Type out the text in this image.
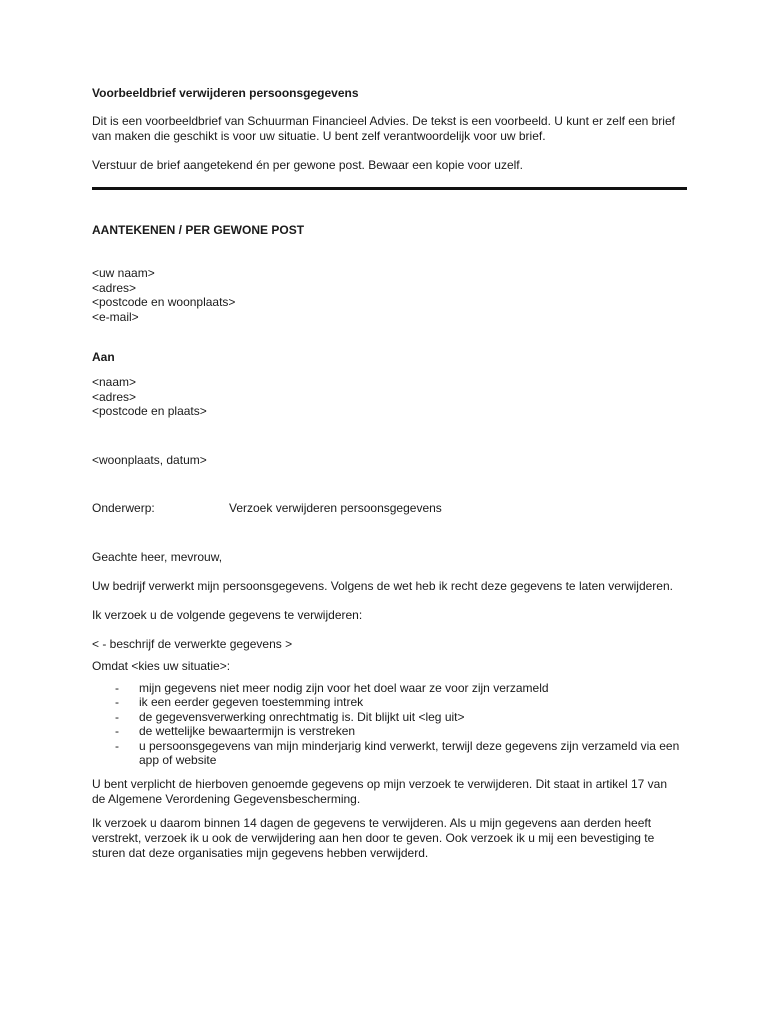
Voorbeeldbrief verwijderen persoonsgegevens

Dit is een voorbeeldbrief van Schuurman Financieel Advies. De tekst is een voorbeeld. U kunt er zelf een brief van maken die geschikt is voor uw situatie. U bent zelf verantwoordelijk voor uw brief.

Verstuur de brief aangetekend én per gewone post. Bewaar een kopie voor uzelf.

AANTEKENEN / PER GEWONE POST
<uw naam>
<adres>
<postcode en woonplaats>
<e-mail>
Aan
<naam>
<adres>
<postcode en plaats>
<woonplaats, datum>
Onderwerp:	Verzoek verwijderen persoonsgegevens

Geachte heer, mevrouw,

Uw bedrijf verwerkt mijn persoonsgegevens. Volgens de wet heb ik recht deze gegevens te laten verwijderen.

Ik verzoek u de volgende gegevens te verwijderen:

< - beschrijf de verwerkte gegevens >

Omdat <kies uw situatie>:

-	mijn gegevens niet meer nodig zijn voor het doel waar ze voor zijn verzameld
-	ik een eerder gegeven toestemming intrek
-	de gegevensverwerking onrechtmatig is. Dit blijkt uit <leg uit>
-	de wettelijke bewaartermijn is verstreken
-	u persoonsgegevens van mijn minderjarig kind verwerkt, terwijl deze gegevens zijn verzameld via een app of website

U bent verplicht de hierboven genoemde gegevens op mijn verzoek te verwijderen. Dit staat in artikel 17 van de Algemene Verordening Gegevensbescherming.

Ik verzoek u daarom binnen 14 dagen de gegevens te verwijderen. Als u mijn gegevens aan derden heeft verstrekt, verzoek ik u ook de verwijdering aan hen door te geven. Ook verzoek ik u mij een bevestiging te sturen dat deze organisaties mijn gegevens hebben verwijderd.
